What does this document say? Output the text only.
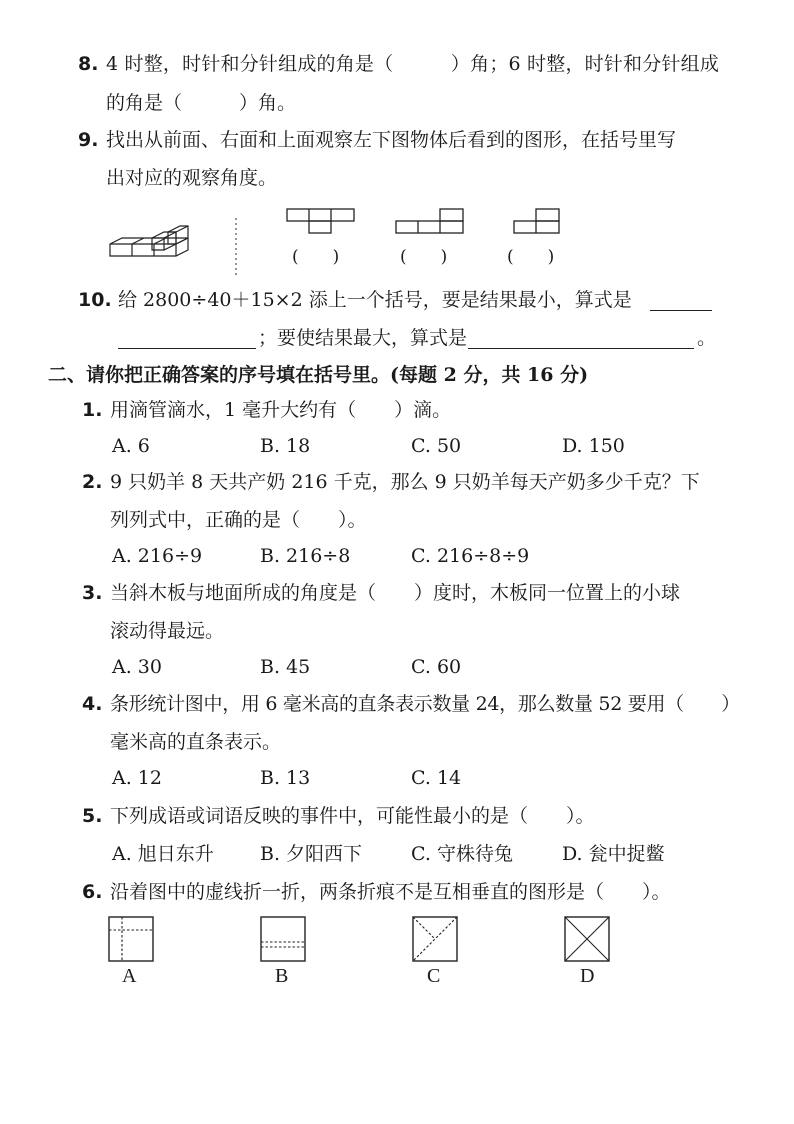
8. 4 时整，时针和分针组成的角是（　　　）角；6 时整，时针和分针组成
的角是（　　　）角。
9. 找出从前面、右面和上面观察左下图物体后看到的图形，在括号里写
出对应的观察角度。
(　　)	(　　)	(　　)
10. 给 2800÷40＋15×2 添上一个括号，要是结果最小，算式是
；要使结果最大，算式是	。
二、请你把正确答案的序号填在括号里。(每题 2 分，共 16 分)
1. 用滴管滴水，1 毫升大约有（　　）滴。
A. 6	B. 18	C. 50	D. 150
2. 9 只奶羊 8 天共产奶 216 千克，那么 9 只奶羊每天产奶多少千克？下
列列式中，正确的是（　　）。
A. 216÷9	B. 216÷8	C. 216÷8÷9
3. 当斜木板与地面所成的角度是（　　）度时，木板同一位置上的小球
滚动得最远。
A. 30	B. 45	C. 60
4. 条形统计图中，用 6 毫米高的直条表示数量 24，那么数量 52 要用（　　）
毫米高的直条表示。
A. 12	B. 13	C. 14
5. 下列成语或词语反映的事件中，可能性最小的是（　　）。
A. 旭日东升 B. 夕阳西下	C. 守株待兔	D. 瓮中捉鳖
6. 沿着图中的虚线折一折，两条折痕不是互相垂直的图形是（　　）。
A	B	C	D
